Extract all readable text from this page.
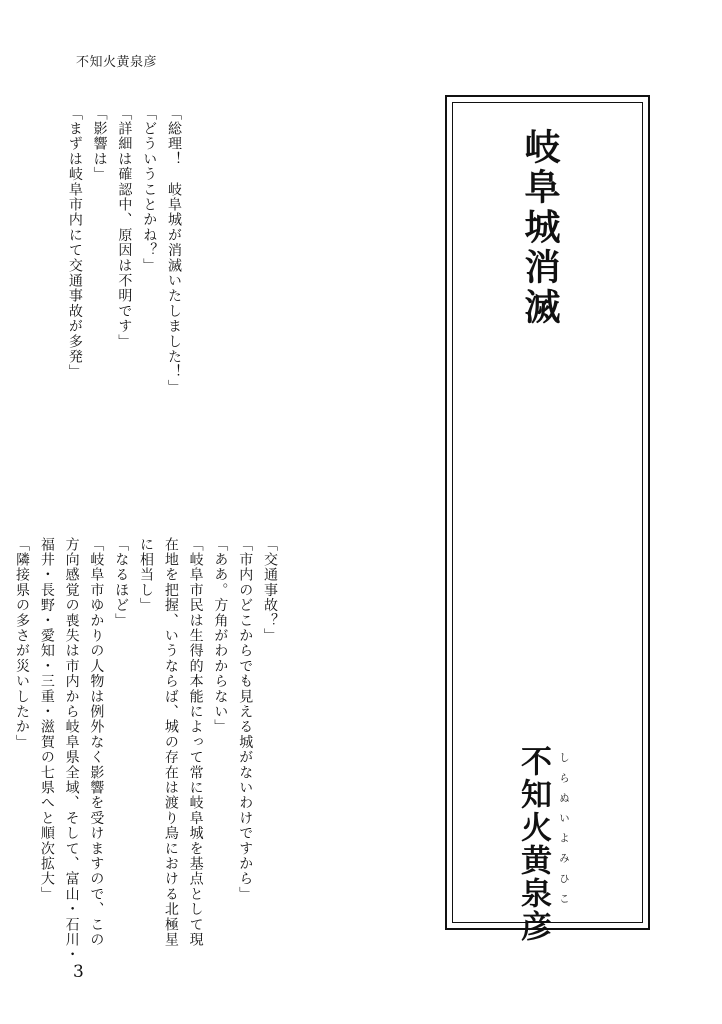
不知火黄泉彦
「総理！　岐阜城が消滅いたしました！」
「どういうことかね？」
「詳細は確認中、原因は不明です」
「影響は」
「まずは岐阜市内にて交通事故が多発」
「交通事故？」
「市内のどこからでも見える城がないわけですから」
「ああ。方角がわからない」
「岐阜市民は生得的本能によって常に岐阜城を基点として現
在地を把握、いうならば、城の存在は渡り鳥における北極星
に相当し」
「なるほど」
「岐阜市ゆかりの人物は例外なく影響を受けますので、この
方向感覚の喪失は市内から岐阜県全域、そして、富山・石川・
福井・長野・愛知・三重・滋賀の七県へと順次拡大」
「隣接県の多さが災いしたか」
岐阜城消滅
しらぬいよみひこ
不知火黄泉彦
3
